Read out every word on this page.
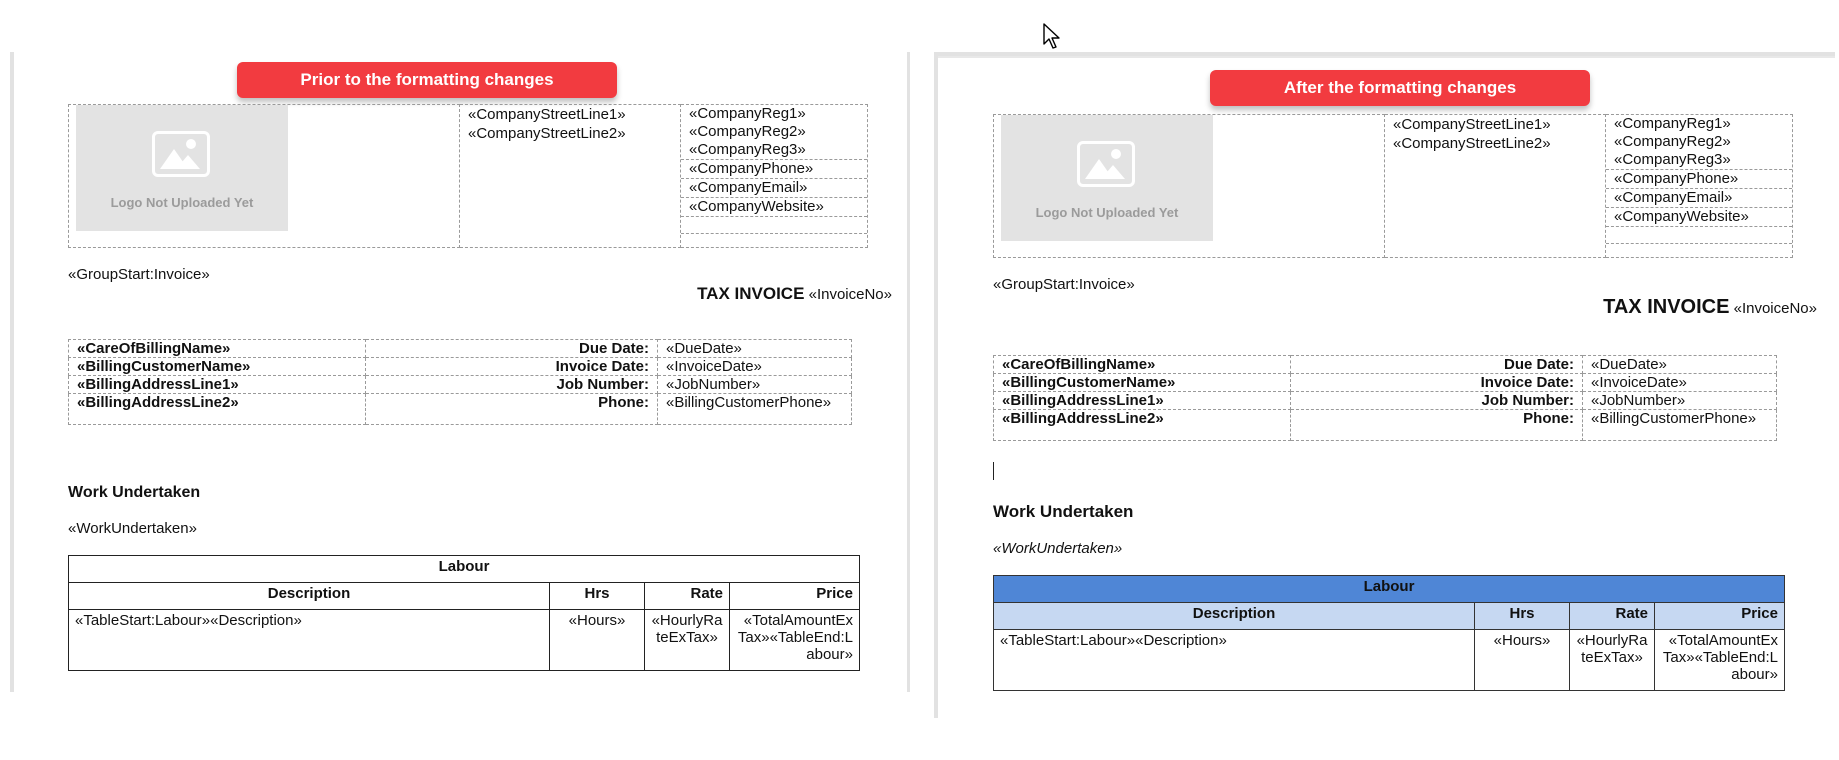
Prior to the formatting changes
Logo Not Uploaded Yet

«CompanyStreetLine1»
«CompanyStreetLine2»

«CompanyReg1»
«CompanyReg2»
«CompanyReg3»
«CompanyPhone»
«CompanyEmail»
«CompanyWebsite»
«GroupStart:Invoice»
TAX INVOICE «InvoiceNo»
«CareOfBillingName»	Due Date:	«DueDate»
«BillingCustomerName»	Invoice Date:	«InvoiceDate»
«BillingAddressLine1»	Job Number:	«JobNumber»
«BillingAddressLine2»	Phone:	«BillingCustomerPhone»
Work Undertaken
«WorkUndertaken»
Labour			
Description	Hrs	Rate	Price
«TableStart:Labour»«Description»	«Hours»	«HourlyRateExTax»	«TotalAmountExTax»«TableEnd:Labour»
After the formatting changes
Logo Not Uploaded Yet

«CompanyStreetLine1»
«CompanyStreetLine2»

«CompanyReg1»
«CompanyReg2»
«CompanyReg3»
«CompanyPhone»
«CompanyEmail»
«CompanyWebsite»
«GroupStart:Invoice»
TAX INVOICE «InvoiceNo»
«CareOfBillingName»	Due Date:	«DueDate»
«BillingCustomerName»	Invoice Date:	«InvoiceDate»
«BillingAddressLine1»	Job Number:	«JobNumber»
«BillingAddressLine2»	Phone:	«BillingCustomerPhone»
Work Undertaken
«WorkUndertaken»
Labour			
Description	Hrs	Rate	Price
«TableStart:Labour»«Description»	«Hours»	«HourlyRateExTax»	«TotalAmountExTax»«TableEnd:Labour»
